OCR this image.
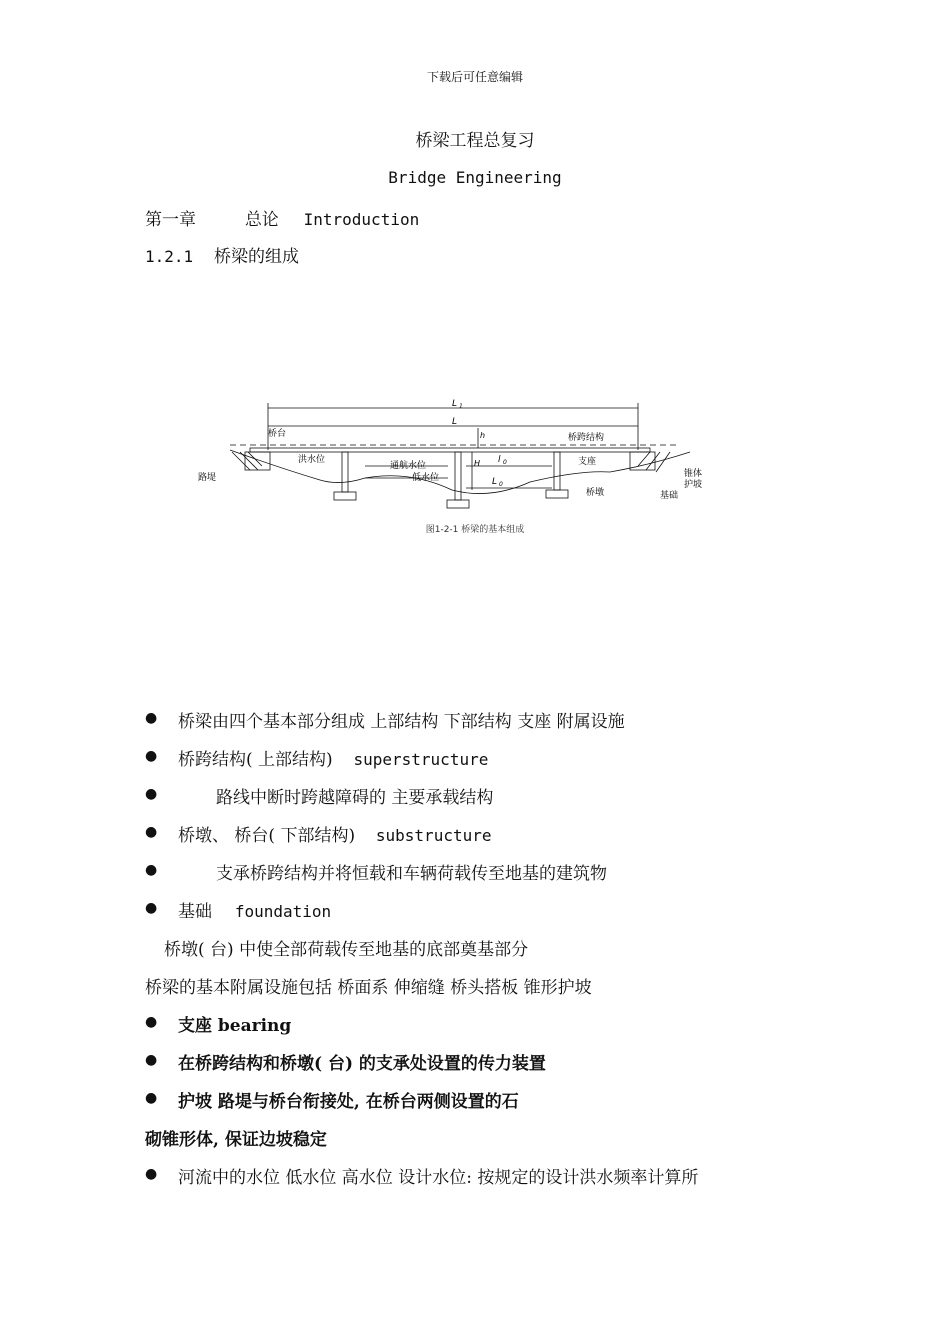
下载后可任意编辑
桥梁工程总复习
Bridge Engineering
第一章	总论 Introduction
1.2.1 桥梁的组成
L 1
L
h
H l 0
L 0
桥台
路堤
洪水位
通航水位
低水位
桥跨结构
支座
桥墩	基础
锥体
护坡
图1-2-1 桥梁的基本组成
● 桥梁由四个基本部分组成 上部结构 下部结构 支座 附属设施
● 桥跨结构( 上部结构) superstructure
●	路线中断时跨越障碍的 主要承载结构
● 桥墩、 桥台( 下部结构) substructure
●	支承桥跨结构并将恒载和车辆荷载传至地基的建筑物
● 基础 foundation
桥墩( 台) 中使全部荷载传至地基的底部奠基部分
桥梁的基本附属设施包括 桥面系 伸缩缝 桥头搭板 锥形护坡
● 支座 bearing
● 在桥跨结构和桥墩( 台) 的支承处设置的传力装置
● 护坡 路堤与桥台衔接处, 在桥台两侧设置的石
砌锥形体, 保证边坡稳定
● 河流中的水位 低水位 高水位 设计水位: 按规定的设计洪水频率计算所
